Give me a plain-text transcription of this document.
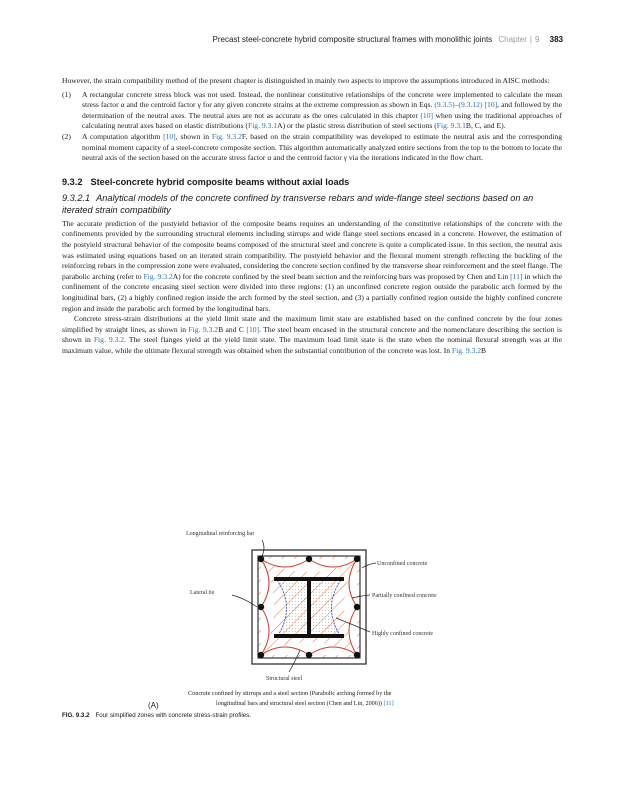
Precast steel-concrete hybrid composite structural frames with monolithic joints Chapter | 9 383

However, the strain compatibility method of the present chapter is distinguished in mainly two aspects to improve the assumptions introduced in AISC methods:

(1)	A rectangular concrete stress block was not used. Instead, the nonlinear constitutive relationships of the concrete were implemented to calculate the mean stress factor α and the centroid factor γ for any given concrete strains at the extreme compression as shown in Eqs. (9.3.5)–(9.3.12) [10], and followed by the determination of the neutral axes. The neutral axes are not as accurate as the ones calculated in this chapter [10] when using the traditional approaches of calculating neutral axes based on elastic distributions (Fig. 9.3.1A) or the plastic stress distribution of steel sections (Fig. 9.3.1B, C, and E).
(2)	A computation algorithm [10], shown in Fig. 9.3.2F, based on the strain compatibility was developed to estimate the neutral axis and the corresponding nominal moment capacity of a steel-concrete composite section. This algorithm automatically analyzed entire sections from the top to the bottom to locate the neutral axis of the section based on the accurate stress factor α and the centroid factor γ via the iterations indicated in the flow chart.
9.3.2 Steel-concrete hybrid composite beams without axial loads
9.3.2.1 Analytical models of the concrete confined by transverse rebars and wide-flange steel sections based on an iterated strain compatibility

The accurate prediction of the postyield behavior of the composite beams requires an understanding of the constitutive relationships of the concrete with the confinements provided by the surrounding structural elements including stirrups and wide flange steel sections encased in a concrete. However, the estimation of the postyield structural behavior of the composite beams composed of the structural steel and concrete is quite a complicated issue. In this section, the neutral axis was estimated using equations based on an iterated strain compatibility. The postyield behavior and the flexural moment strength reflecting the buckling of the reinforcing rebars in the compression zone were evaluated, considering the concrete section confined by the transverse shear reinforcement and the steel flange. The parabolic arching (refer to Fig. 9.3.2A) for the concrete confined by the steel beam section and the reinforcing bars was proposed by Chen and Lin [11] in which the confinement of the concrete encasing steel section were divided into three regions: (1) an unconfined concrete region outside the parabolic arch formed by the longitudinal bars, (2) a highly confined region inside the arch formed by the steel section, and (3) a partially confined region outside the highly confined concrete region and inside the parabolic arch formed by the longitudinal bars.

Concrete stress-strain distributions at the yield limit state and the maximum limit state are established based on the confined concrete by the four zones simplified by straight lines, as shown in Fig. 9.3.2B and C [10]. The steel beam encased in the structural concrete and the nomenclature describing the section is shown in Fig. 9.3.2. The steel flanges yield at the yield limit state. The maximum load limit state is the state when the nominal flexural strength was at the maximum value, while the ultimate flexural strength was obtained when the substantial contribution of the concrete was lost. In Fig. 9.3.2B

Longitudinal reinforcing bar
Unconfined concrete
Lateral tie	Partially confined concrete
Highly confined concrete
Structural steel
Concrete confined by stirrups and a steel section (Parabolic arching formed by the
longitudinal bars and structural steel section (Chen and Lin, 2006)) [11]
(A)
FIG. 9.3.2 Four simplified zones with concrete stress-strain profiles.
